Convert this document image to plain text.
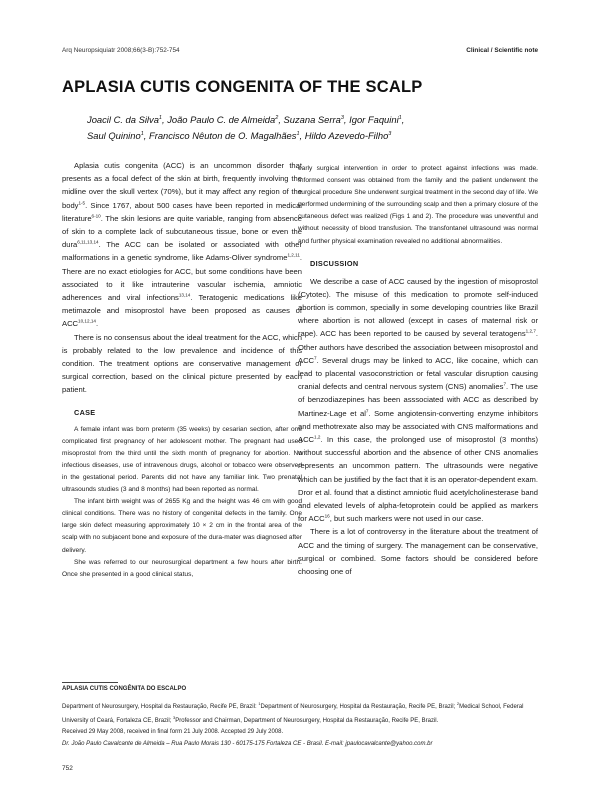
Arq Neuropsiquiatr 2008;66(3-B):752-754	Clinical / Scientific note
APLASIA CUTIS CONGENITA OF THE SCALP
Joacil C. da Silva$^1$, João Paulo C. de Almeida$^2$, Suzana Serra$^3$, Igor Faquini$^1$,
Saul Quinino$^1$, Francisco Nêuton de O. Magalhães$^1$, Hildo Azevedo-Filho$^3$

Aplasia cutis congenita (ACC) is an uncommon disorder that presents as a focal defect of the skin at birth, frequently involving the midline over the skull vertex (70%), but it may affect any region of the body$^{1-5}$. Since 1767, about 500 cases have been reported in medical literature$^{6-10}$. The skin lesions are quite variable, ranging from absence of skin to a complete lack of subcutaneous tissue, bone or even the dura$^{6,11,13,14}$. The ACC can be isolated or associated with other malformations in a genetic syndrome, like Adams-Oliver syndrome$^{1,2,11}$. There are no exact etiologies for ACC, but some conditions have been associated to it like intrauterine vascular ischemia, amniotic adherences and viral infections$^{13,14}$. Teratogenic medications like metimazole and misoprostol have been proposed as causes of ACC$^{10,12,14}$.

There is no consensus about the ideal treatment for the ACC, which is probably related to the low prevalence and incidence of this condition. The treatment options are conservative management or surgical correction, based on the clinical picture presented by each patient.

CASE

A female infant was born preterm (35 weeks) by cesarian section, after one complicated first pregnancy of her adolescent mother. The pregnant had used misoprostol from the third until the sixth month of pregnancy for abortion. No infectious diseases, use of intravenous drugs, alcohol or tobacco were observed in the gestational period. Parents did not have any familiar link. Two prenatal ultrasounds studies (3 and 8 months) had been reported as normal.

The infant birth weight was of 2655 Kg and the height was 46 cm with good clinical conditions. There was no history of congenital defects in the family. One large skin defect measuring approximately 10 × 2 cm in the frontal area of the scalp with no subjacent bone and exposure of the dura-mater was diagnosed after delivery.

She was referred to our neurosurgical department a few hours after birth. Once she presented in a good clinical status,

early surgical intervention in order to protect against infections was made. Informed consent was obtained from the family and the patient underwent the surgical procedure She underwent surgical treatment in the second day of life. We performed undermining of the surrounding scalp and then a primary closure of the cutaneous defect was realized (Figs 1 and 2). The procedure was uneventful and without necessity of blood transfusion. The transfontanel ultrasound was normal and further physical examination revealed no additional abnormalities.

DISCUSSION

We describe a case of ACC caused by the ingestion of misoprostol (Cytotec). The misuse of this medication to promote self-induced abortion is common, specially in some developing countries like Brazil where abortion is not allowed (except in cases of maternal risk or rape). ACC has been reported to be caused by several teratogens$^{1,2,7}$. Other authors have described the association between misoprostol and ACC$^7$. Several drugs may be linked to ACC, like cocaine, which can lead to placental vasoconstriction or fetal vascular disruption causing cranial defects and central nervous system (CNS) anomalies$^7$. The use of benzodiazepines has been asssociated with ACC as described by Martinez-Lage et $al^7$. Some angiotensin-converting enzyme inhibitors and methotrexate also may be associated with CNS malformations and ACC$^{1,2}$. In this case, the prolonged use of misoprostol (3 months) without successful abortion and the absence of other CNS anomalies represents an uncommon pattern. The ultrasounds were negative which can be justified by the fact that it is an operator-dependent exam. Dror et al. found that a distinct amniotic fluid acetylcholinesterase band and elevated levels of alpha-fetoprotein could be applied as markers for ACC$^{16}$, but such markers were not used in our case.

There is a lot of controversy in the literature about the treatment of ACC and the timing of surgery. The management can be conservative, surgical or combined. Some factors should be considered before choosing one of

APLASIA CUTIS CONGÊNITA DO ESCALPO
Department of Neurosurgery, Hospital da Restauração, Recife PE, Brazil: $^1$Department of Neurosurgery, Hospital da Restauração, Recife PE, Brazil; $^2$Medical School, Federal University of Ceará, Fortaleza CE, Brazil; $^3$Professor and Chairman, Department of Neurosurgery, Hospital da Restauração, Recife PE, Brazil.
Received 29 May 2008, received in final form 21 July 2008. Accepted 29 July 2008.
Dr. João Paulo Cavalcante de Almeida – Rua Paulo Morais 130 - 60175-175 Fortaleza CE - Brasil. E-mail: jpaulocavalcante@yahoo.com.br
752
